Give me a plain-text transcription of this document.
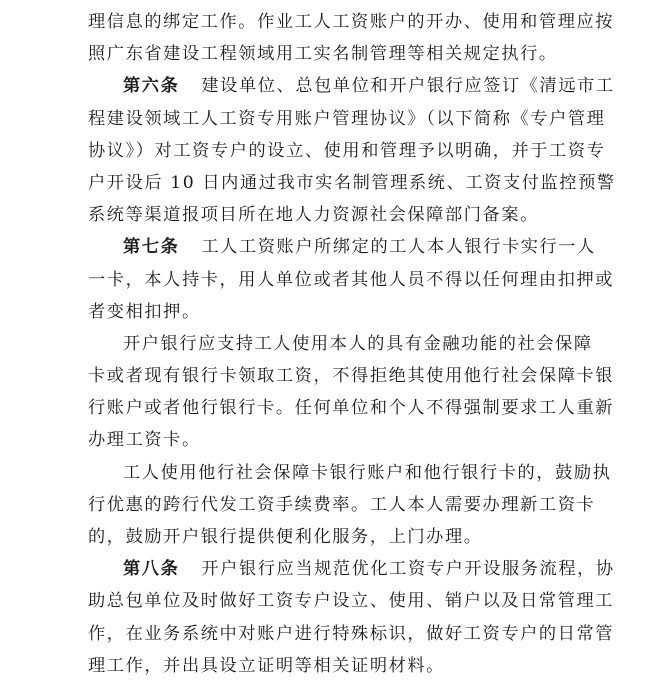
理信息的绑定工作。作业工人工资账户的开办、使用和管理应按
照广东省建设工程领域用工实名制管理等相关规定执行。
第六条 建设单位、总包单位和开户银行应签订《清远市工
程建设领域工人工资专用账户管理协议》（以下简称《专户管理
协议》）对工资专户的设立、使用和管理予以明确，并于工资专
户开设后 10 日内通过我市实名制管理系统、工资支付监控预警
系统等渠道报项目所在地人力资源社会保障部门备案。
第七条 工人工资账户所绑定的工人本人银行卡实行一人
一卡，本人持卡，用人单位或者其他人员不得以任何理由扣押或
者变相扣押。
开户银行应支持工人使用本人的具有金融功能的社会保障
卡或者现有银行卡领取工资，不得拒绝其使用他行社会保障卡银
行账户或者他行银行卡。任何单位和个人不得强制要求工人重新
办理工资卡。
工人使用他行社会保障卡银行账户和他行银行卡的，鼓励执
行优惠的跨行代发工资手续费率。工人本人需要办理新工资卡
的，鼓励开户银行提供便利化服务，上门办理。
第八条 开户银行应当规范优化工资专户开设服务流程，协
助总包单位及时做好工资专户设立、使用、销户以及日常管理工
作，在业务系统中对账户进行特殊标识，做好工资专户的日常管
理工作，并出具设立证明等相关证明材料。
